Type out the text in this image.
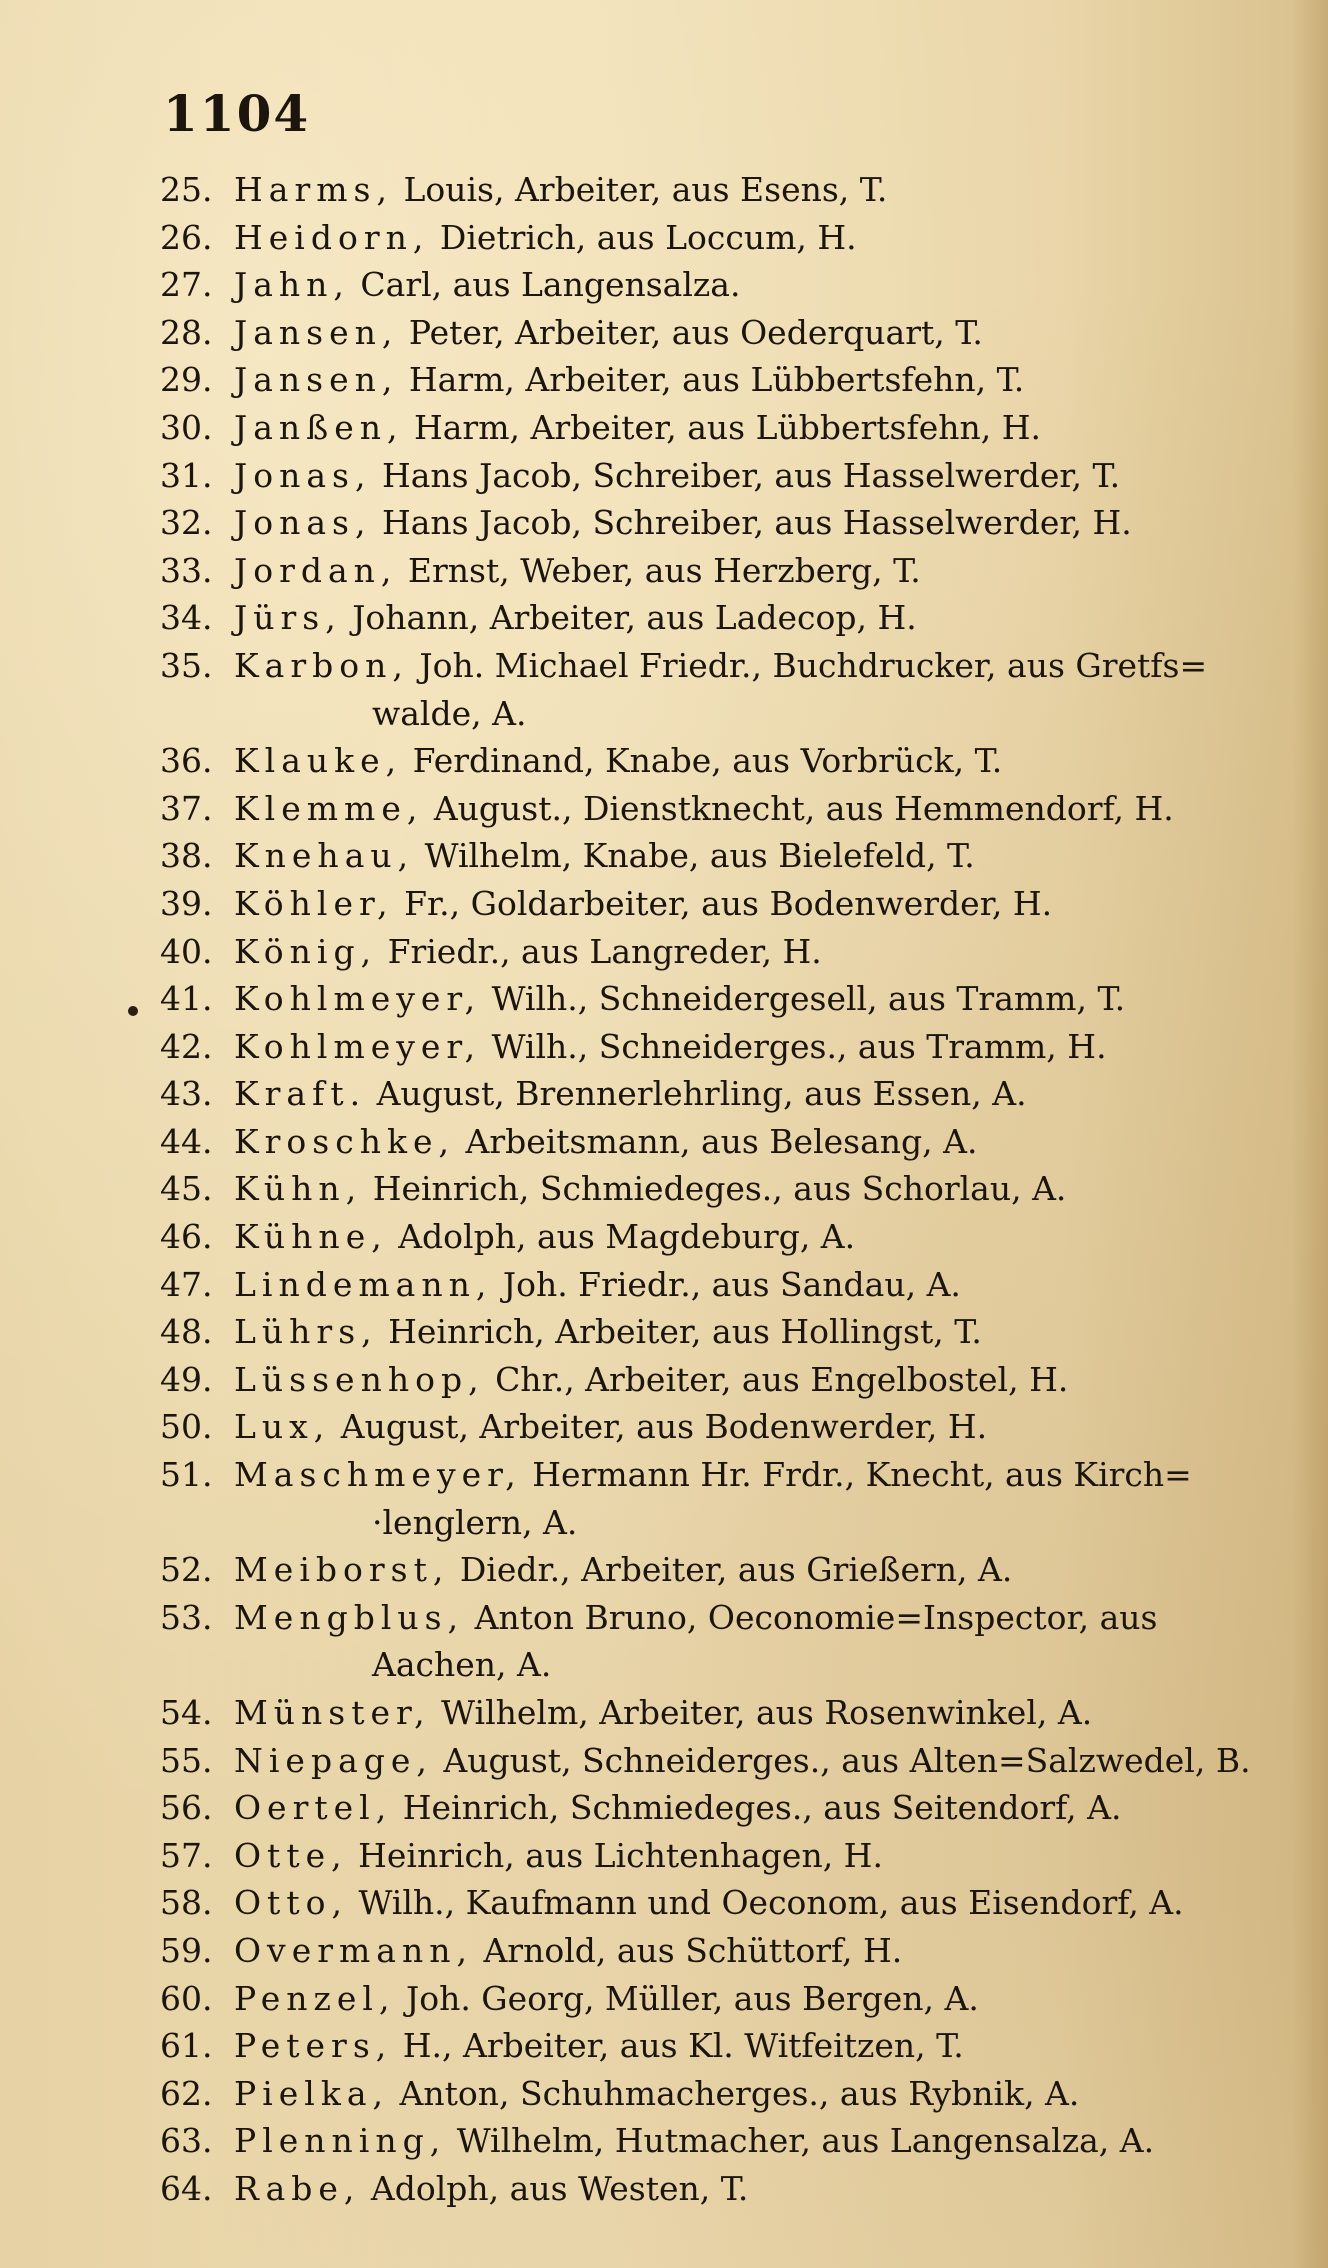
1104
25. Harms, Louis, Arbeiter, aus Esens, T.
26. Heidorn, Dietrich, aus Loccum, H.
27. Jahn, Carl, aus Langensalza.
28. Jansen, Peter, Arbeiter, aus Oederquart, T.
29. Jansen, Harm, Arbeiter, aus Lübbertsfehn, T.
30. Janßen, Harm, Arbeiter, aus Lübbertsfehn, H.
31. Jonas, Hans Jacob, Schreiber, aus Hasselwerder, T.
32. Jonas, Hans Jacob, Schreiber, aus Hasselwerder, H.
33. Jordan, Ernst, Weber, aus Herzberg, T.
34. Jürs, Johann, Arbeiter, aus Ladecop, H.
35. Karbon, Joh. Michael Friedr., Buchdrucker, aus Gretfs=
walde, A.
36. Klauke, Ferdinand, Knabe, aus Vorbrück, T.
37. Klemme, August., Dienstknecht, aus Hemmendorf, H.
38. Knehau, Wilhelm, Knabe, aus Bielefeld, T.
39. Köhler, Fr., Goldarbeiter, aus Bodenwerder, H.
40. König, Friedr., aus Langreder, H.
41. Kohlmeyer, Wilh., Schneidergesell, aus Tramm, T.
42. Kohlmeyer, Wilh., Schneiderges., aus Tramm, H.
43. Kraft. August, Brennerlehrling, aus Essen, A.
44. Kroschke, Arbeitsmann, aus Belesang, A.
45. Kühn, Heinrich, Schmiedeges., aus Schorlau, A.
46. Kühne, Adolph, aus Magdeburg, A.
47. Lindemann, Joh. Friedr., aus Sandau, A.
48. Lührs, Heinrich, Arbeiter, aus Hollingst, T.
49. Lüssenhop, Chr., Arbeiter, aus Engelbostel, H.
50. Lux, August, Arbeiter, aus Bodenwerder, H.
51. Maschmeyer, Hermann Hr. Frdr., Knecht, aus Kirch=
·lenglern, A.
52. Meiborst, Diedr., Arbeiter, aus Grießern, A.
53. Mengblus, Anton Bruno, Oeconomie=Inspector, aus
Aachen, A.
54. Münster, Wilhelm, Arbeiter, aus Rosenwinkel, A.
55. Niepage, August, Schneiderges., aus Alten=Salzwedel, B.
56. Oertel, Heinrich, Schmiedeges., aus Seitendorf, A.
57. Otte, Heinrich, aus Lichtenhagen, H.
58. Otto, Wilh., Kaufmann und Oeconom, aus Eisendorf, A.
59. Overmann, Arnold, aus Schüttorf, H.
60. Penzel, Joh. Georg, Müller, aus Bergen, A.
61. Peters, H., Arbeiter, aus Kl. Witfeitzen, T.
62. Pielka, Anton, Schuhmacherges., aus Rybnik, A.
63. Plenning, Wilhelm, Hutmacher, aus Langensalza, A.
64. Rabe, Adolph, aus Westen, T.
